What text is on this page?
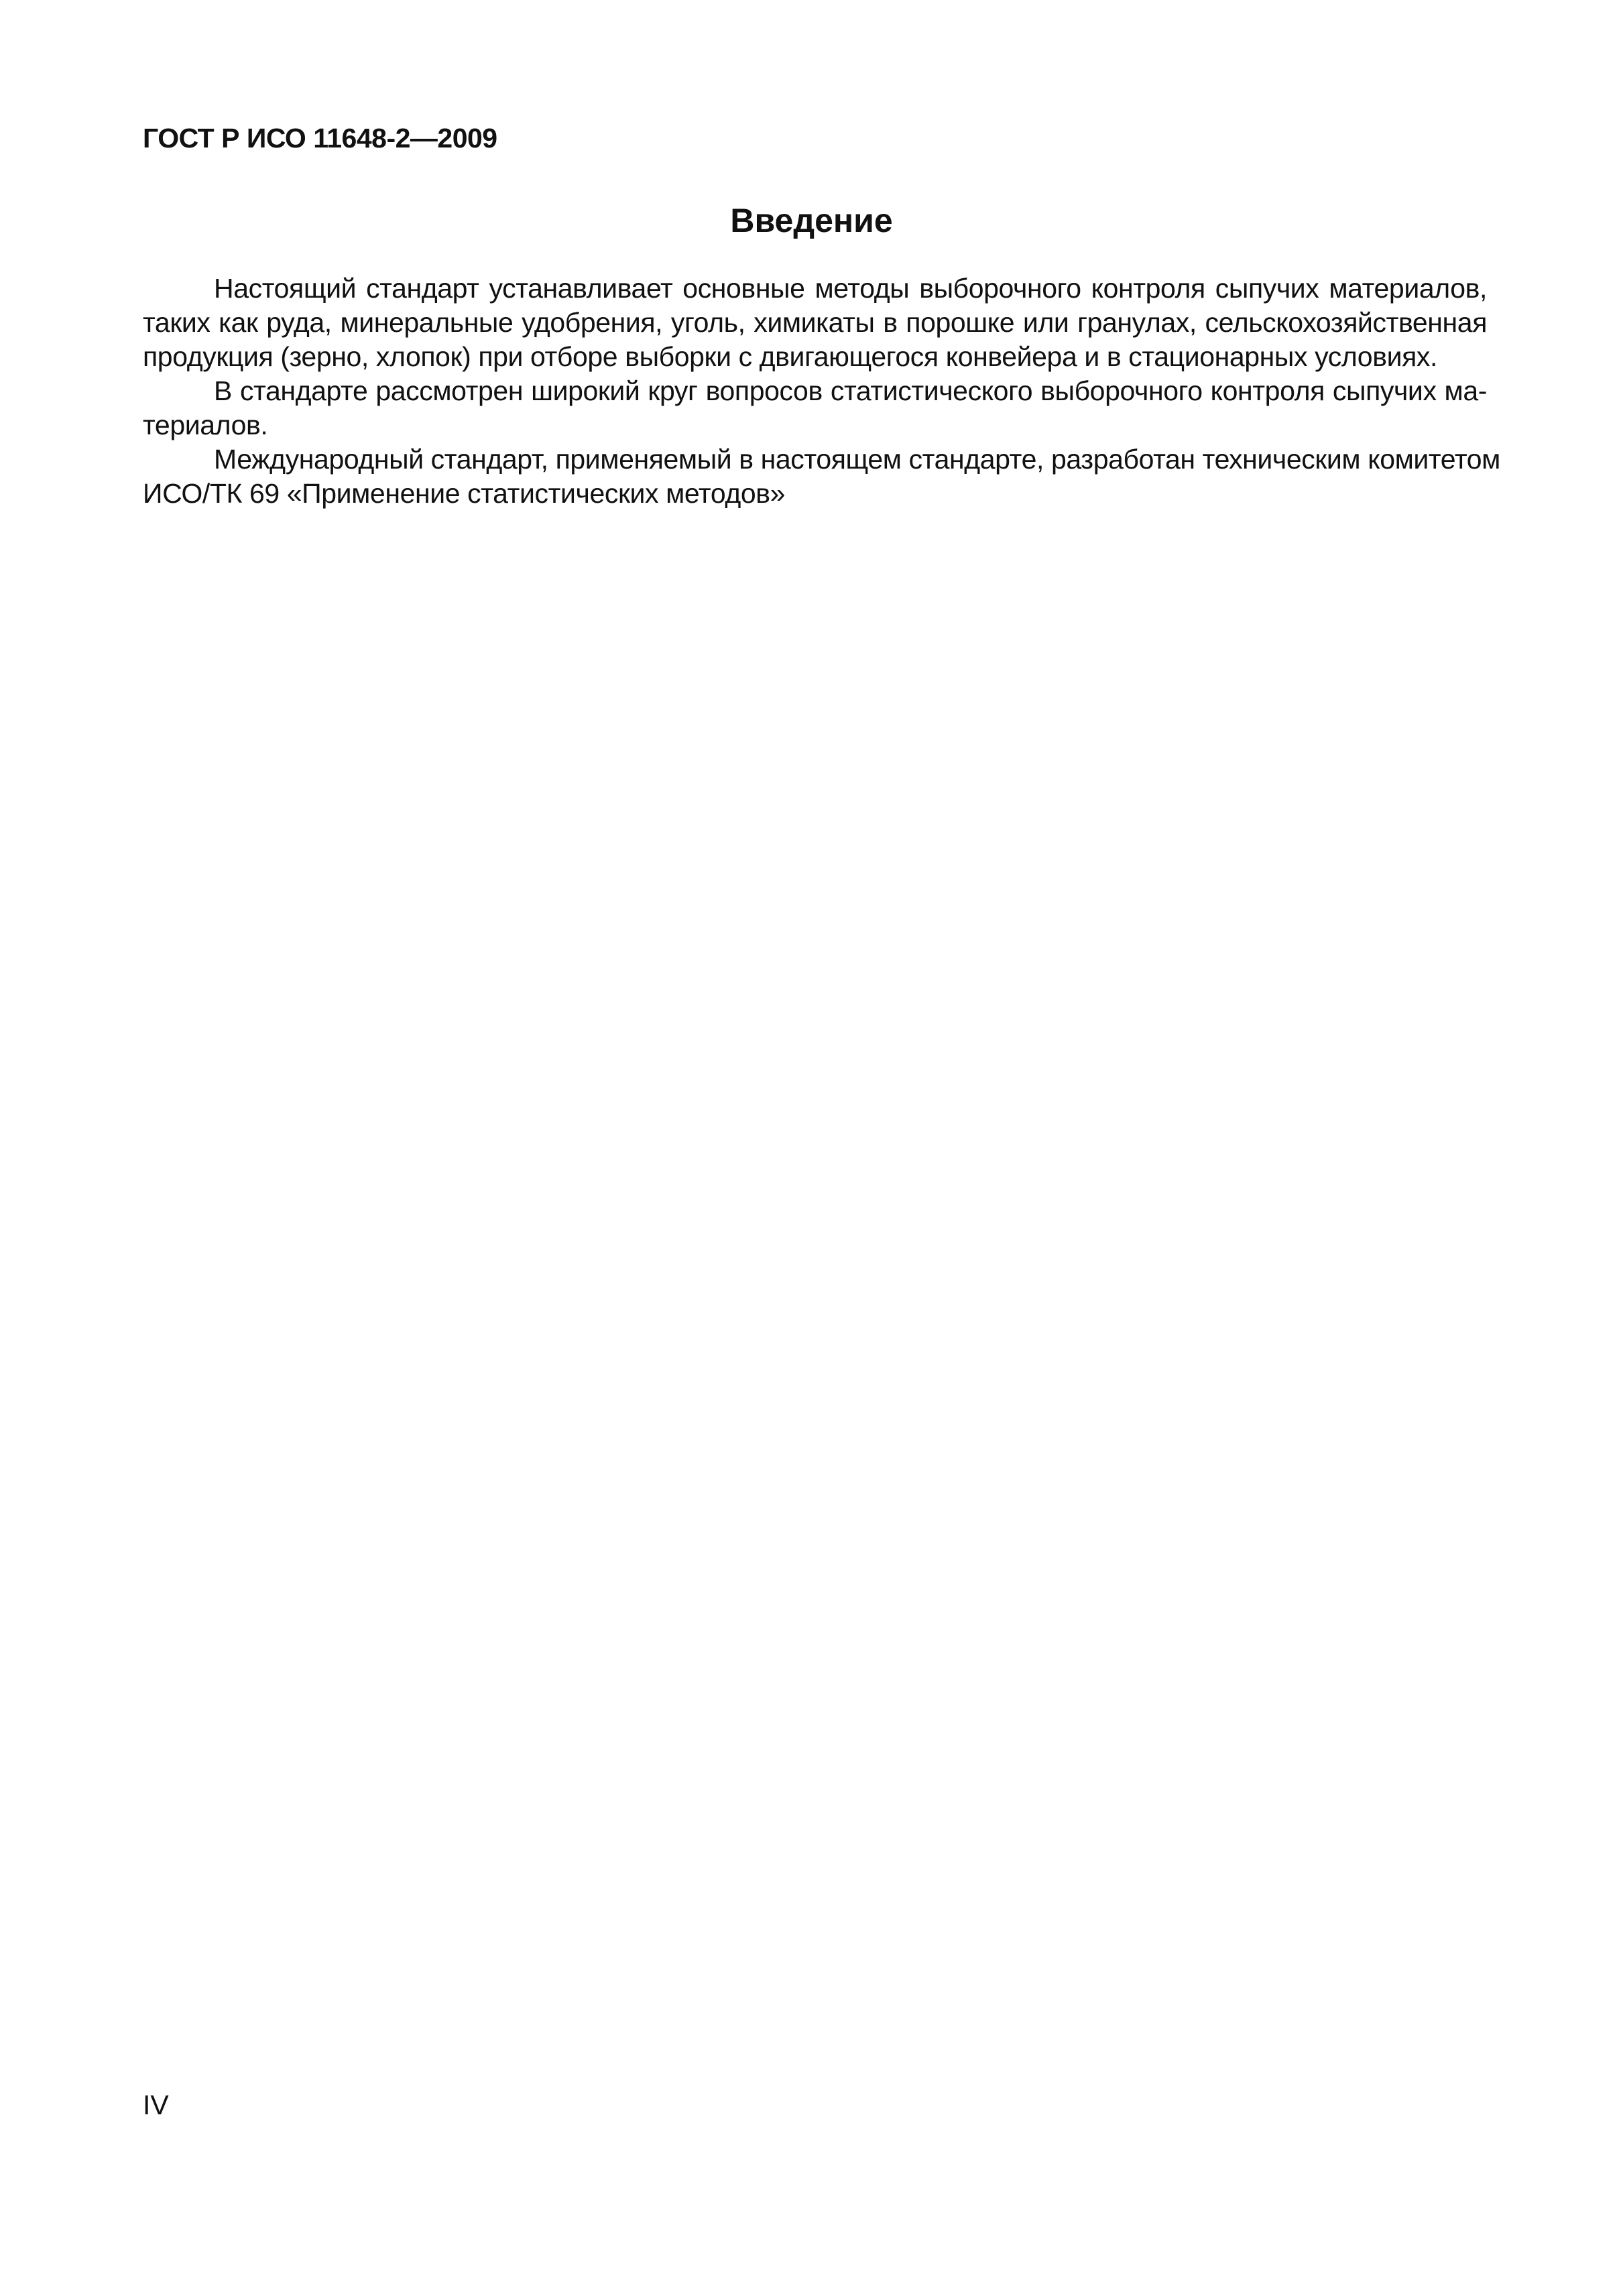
ГОСТ Р ИСО 11648-2—2009
Введение
Настоящий стандарт устанавливает основные методы выборочного контроля сыпучих материалов,
таких как руда, минеральные удобрения, уголь, химикаты в порошке или гранулах, сельскохозяйственная
продукция (зерно, хлопок) при отборе выборки с двигающегося конвейера и в стационарных условиях.
В стандарте рассмотрен широкий круг вопросов статистического выборочного контроля сыпучих ма-
териалов.
Международный стандарт, применяемый в настоящем стандарте, разработан техническим комитетом
ИСО/ТК 69 «Применение статистических методов»
IV
